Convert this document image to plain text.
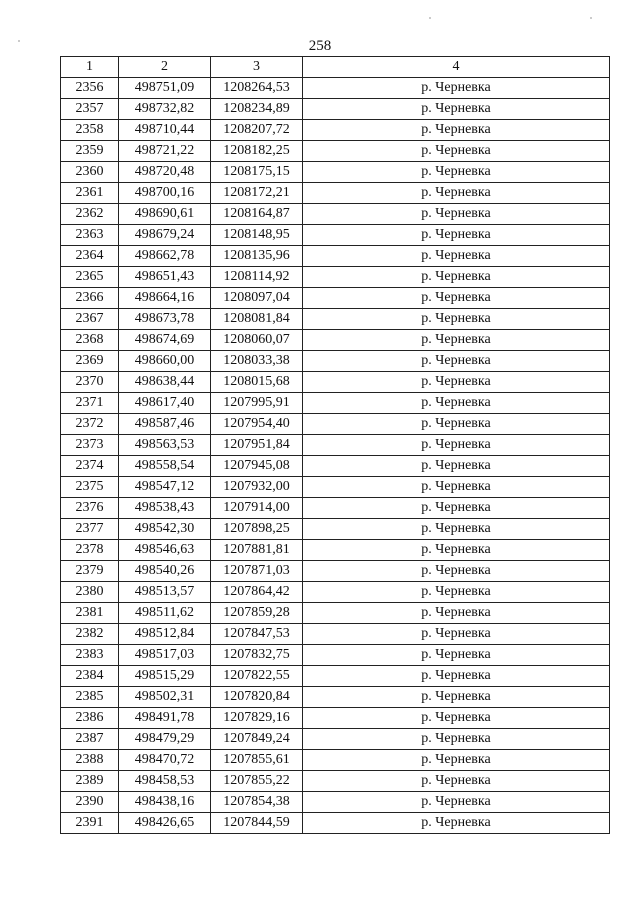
258
1	2	3	4
2356	498751,09	1208264,53	р. Черневка
2357	498732,82	1208234,89	р. Черневка
2358	498710,44	1208207,72	р. Черневка
2359	498721,22	1208182,25	р. Черневка
2360	498720,48	1208175,15	р. Черневка
2361	498700,16	1208172,21	р. Черневка
2362	498690,61	1208164,87	р. Черневка
2363	498679,24	1208148,95	р. Черневка
2364	498662,78	1208135,96	р. Черневка
2365	498651,43	1208114,92	р. Черневка
2366	498664,16	1208097,04	р. Черневка
2367	498673,78	1208081,84	р. Черневка
2368	498674,69	1208060,07	р. Черневка
2369	498660,00	1208033,38	р. Черневка
2370	498638,44	1208015,68	р. Черневка
2371	498617,40	1207995,91	р. Черневка
2372	498587,46	1207954,40	р. Черневка
2373	498563,53	1207951,84	р. Черневка
2374	498558,54	1207945,08	р. Черневка
2375	498547,12	1207932,00	р. Черневка
2376	498538,43	1207914,00	р. Черневка
2377	498542,30	1207898,25	р. Черневка
2378	498546,63	1207881,81	р. Черневка
2379	498540,26	1207871,03	р. Черневка
2380	498513,57	1207864,42	р. Черневка
2381	498511,62	1207859,28	р. Черневка
2382	498512,84	1207847,53	р. Черневка
2383	498517,03	1207832,75	р. Черневка
2384	498515,29	1207822,55	р. Черневка
2385	498502,31	1207820,84	р. Черневка
2386	498491,78	1207829,16	р. Черневка
2387	498479,29	1207849,24	р. Черневка
2388	498470,72	1207855,61	р. Черневка
2389	498458,53	1207855,22	р. Черневка
2390	498438,16	1207854,38	р. Черневка
2391	498426,65	1207844,59	р. Черневка
